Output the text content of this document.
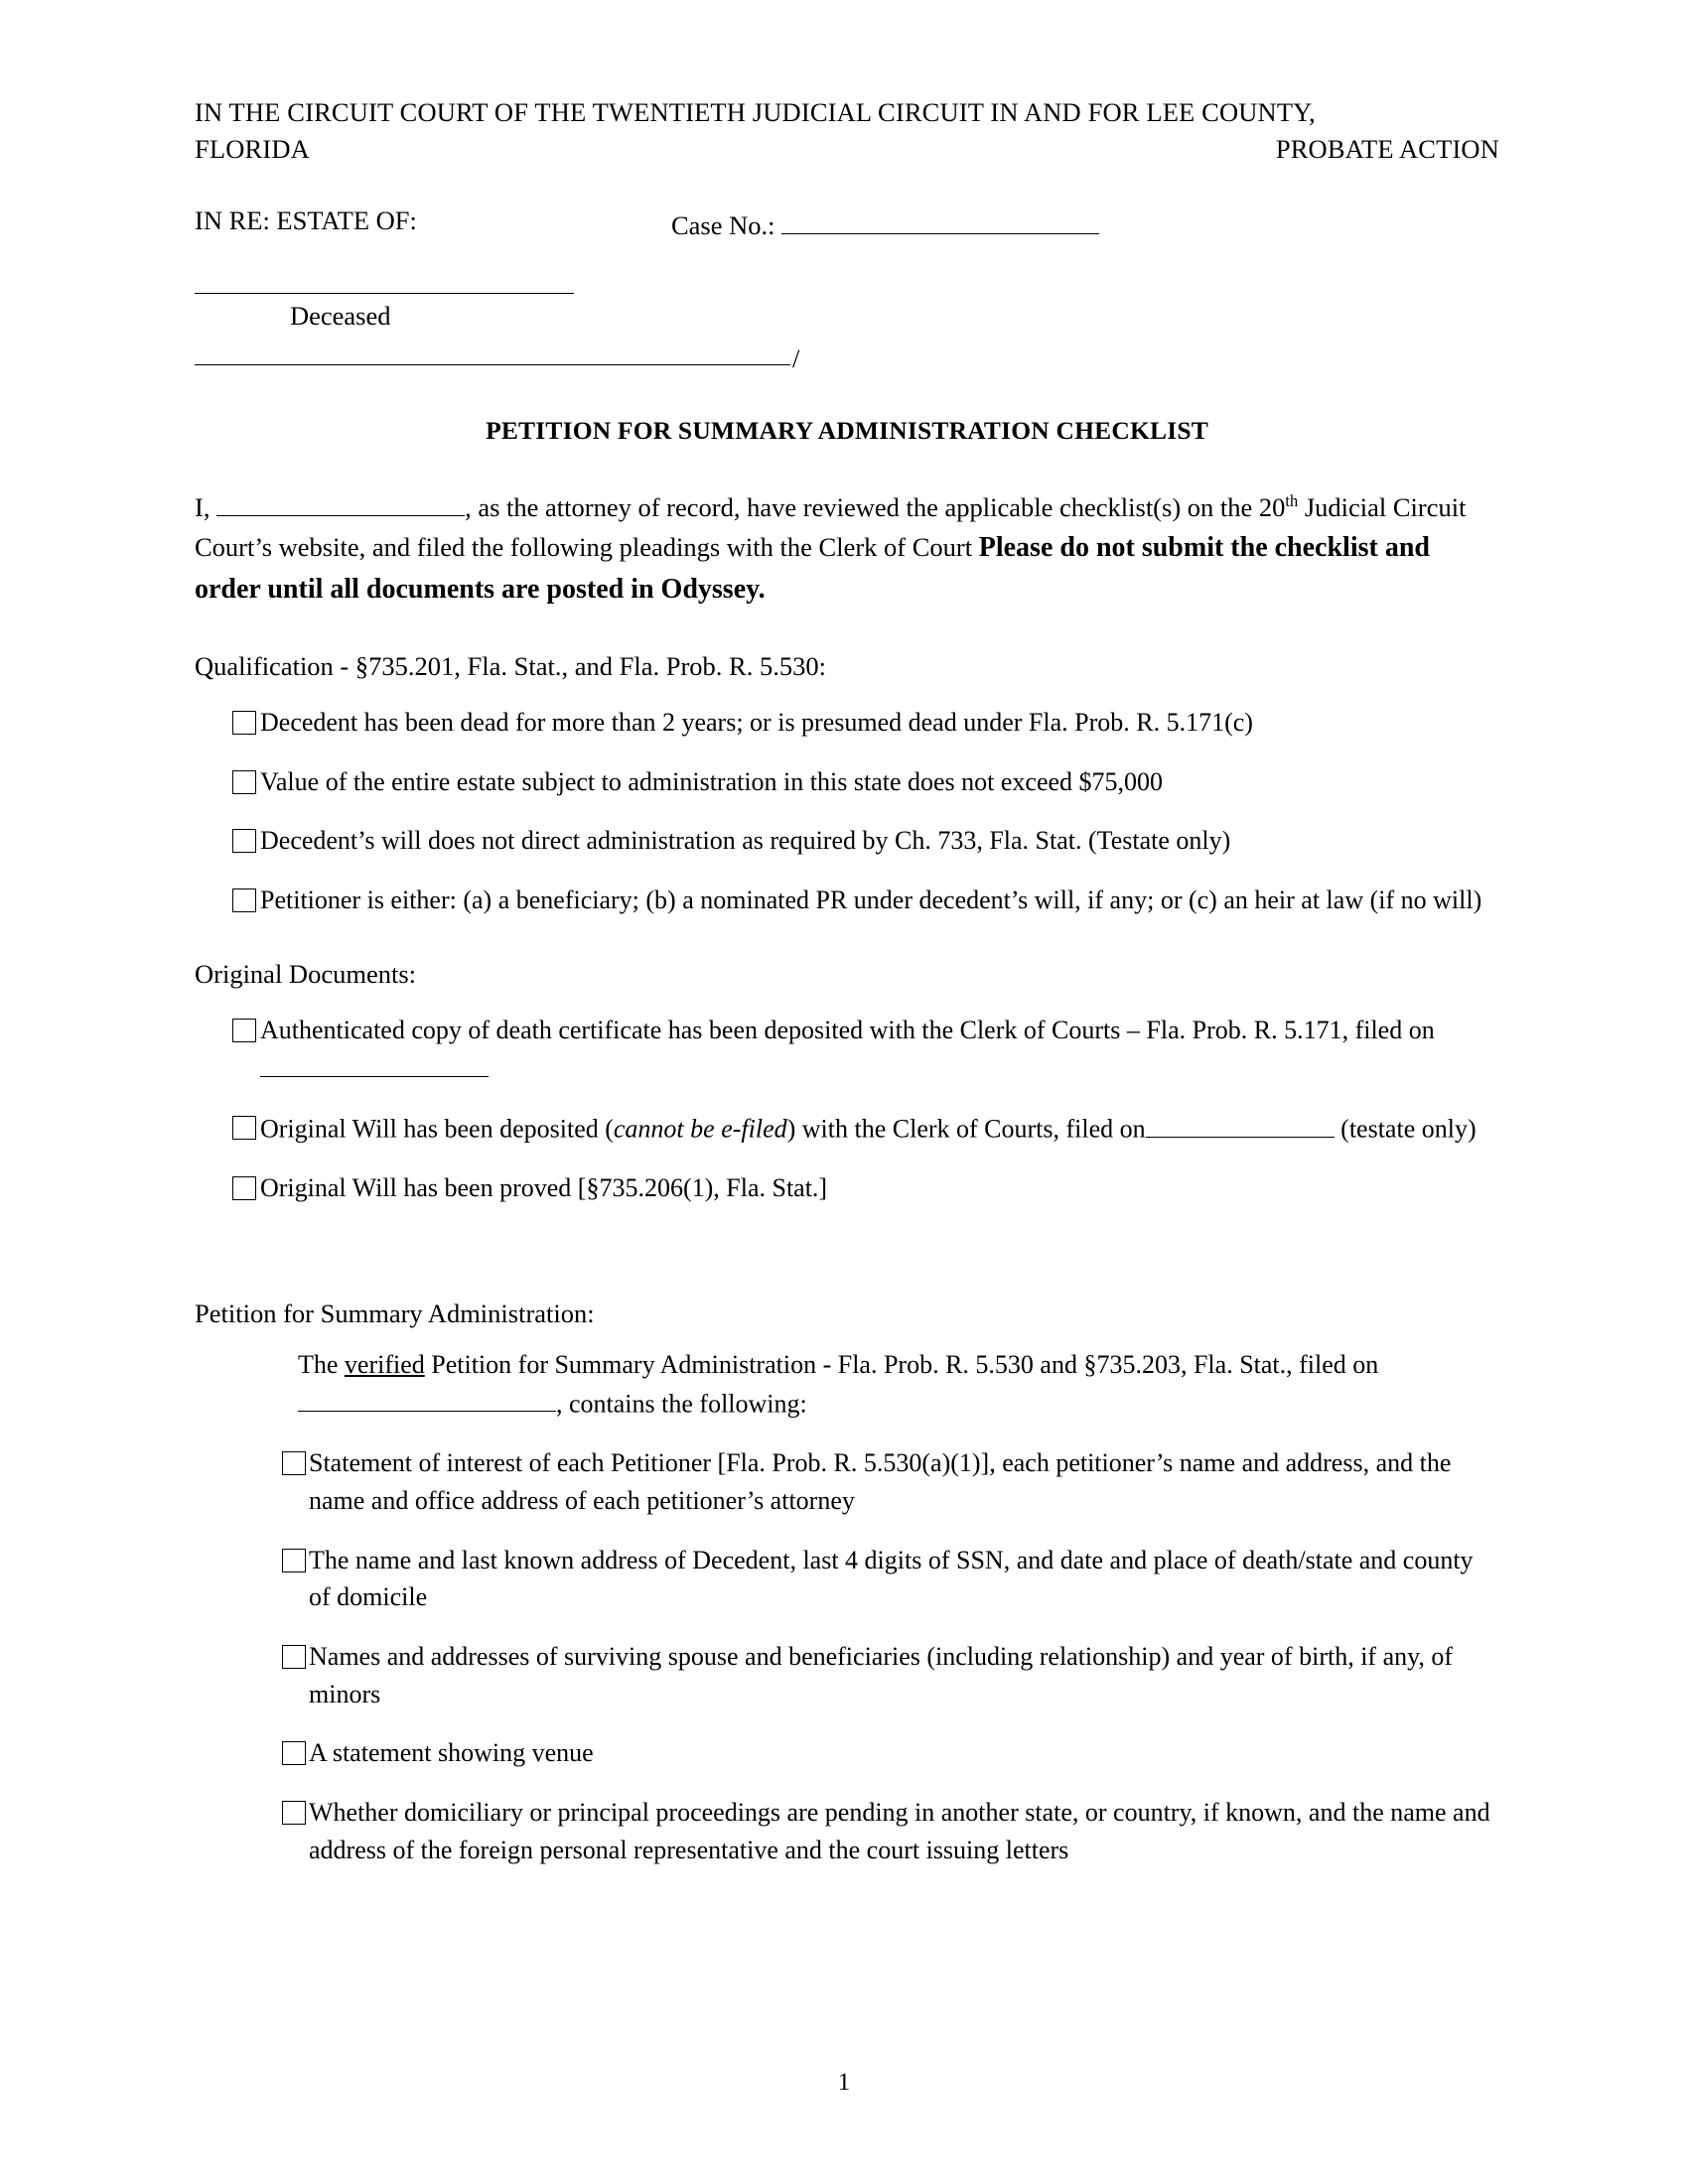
IN THE CIRCUIT COURT OF THE TWENTIETH JUDICIAL CIRCUIT IN AND FOR LEE COUNTY,
FLORIDA	PROBATE ACTION
IN RE: ESTATE OF:	Case No.:
Deceased
/
PETITION FOR SUMMARY ADMINISTRATION CHECKLIST
I,	, as the attorney of record, have reviewed the applicable checklist(s) on the 20th Judicial Circuit Court’s website, and filed the following pleadings with the Clerk of Court Please do not submit the checklist and order until all documents are posted in Odyssey.
Qualification - §735.201, Fla. Stat., and Fla. Prob. R. 5.530:
Decedent has been dead for more than 2 years; or is presumed dead under Fla. Prob. R. 5.171(c)
Value of the entire estate subject to administration in this state does not exceed $75,000
Decedent’s will does not direct administration as required by Ch. 733, Fla. Stat. (Testate only)
Petitioner is either: (a) a beneficiary; (b) a nominated PR under decedent’s will, if any; or (c) an heir at law (if no will)
Original Documents:
Authenticated copy of death certificate has been deposited with the Clerk of Courts – Fla. Prob. R. 5.171, filed on
Original Will has been deposited (cannot be e-filed) with the Clerk of Courts, filed on	(testate only)
Original Will has been proved [§735.206(1), Fla. Stat.]
Petition for Summary Administration:
The verified Petition for Summary Administration - Fla. Prob. R. 5.530 and §735.203, Fla. Stat., filed on, contains the following:
Statement of interest of each Petitioner [Fla. Prob. R. 5.530(a)(1)], each petitioner’s name and address, and the name and office address of each petitioner’s attorney
The name and last known address of Decedent, last 4 digits of SSN, and date and place of death/state and county of domicile
Names and addresses of surviving spouse and beneficiaries (including relationship) and year of birth, if any, of minors
A statement showing venue
Whether domiciliary or principal proceedings are pending in another state, or country, if known, and the name and address of the foreign personal representative and the court issuing letters
1
